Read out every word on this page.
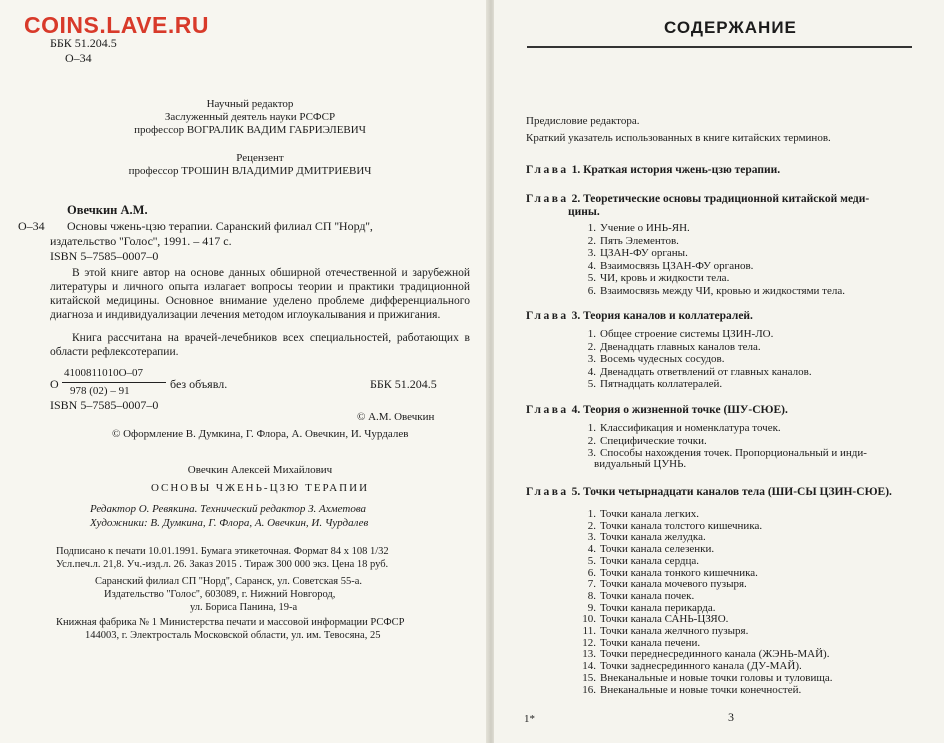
ББК 51.204.5
О–34
Научный редактор
Заслуженный деятель науки РСФСР
профессор ВОГРАЛИК ВАДИМ ГАБРИЭЛЕВИЧ
Рецензент
профессор ТРОШИН ВЛАДИМИР ДМИТРИЕВИЧ
Овечкин А.М.
О–34 Основы чжень-цзю терапии. Саранский филиал СП ''Норд'',
издательство ''Голос'', 1991. – 417 с.
ISBN 5–7585–0007–0
В этой книге автор на основе данных обширной отечественной и зарубежной литературы и личного опыта излагает вопросы теории и практики традиционной китайской медицины. Основное внимание уделено проблеме дифференциального диагноза и индивидуализации лечения методом иглоукалывания и прижигания.
Книга рассчитана на врачей-лечебников всех специальностей, работающих в области рефлексотерапии.
О
4100811010О–07
978 (02) – 91	без объявл.	ББК 51.204.5
ISBN 5–7585–0007–0
© А.М. Овечкин
© Оформление В. Думкина, Г. Флора, А. Овечкин, И. Чурдалев
Овечкин Алексей Михайлович
ОСНОВЫ ЧЖЕНЬ-ЦЗЮ ТЕРАПИИ
Редактор О. Ревякина. Технический редактор З. Ахметова
Художники: В. Думкина, Г. Флора, А. Овечкин, И. Чурдалев
Подписано к печати 10.01.1991. Бумага этикеточная. Формат 84 х 108 1/32
Усл.печ.л. 21,8. Уч.-изд.л. 26. Заказ 2015 . Тираж 300 000 экз. Цена 18 руб.
Саранский филиал СП ''Норд'', Саранск, ул. Советская 55-а.
Издательство ''Голос'', 603089, г. Нижний Новгород,
ул. Бориса Панина, 19-а
Книжная фабрика № 1 Министерства печати и массовой информации РСФСР
144003, г. Электросталь Московской области, ул. им. Тевосяна, 25
СОДЕРЖАНИЕ
Предисловие редактора.
Краткий указатель использованных в книге китайских терминов.
Глава 1. Краткая история чжень-цзю терапии.
Глава 2. Теоретические основы традиционной китайской меди-
цины.
1. Учение о ИНЬ-ЯН.
2. Пять Элементов.
3. ЦЗАН-ФУ органы.
4. Взаимосвязь ЦЗАН-ФУ органов.
5. ЧИ, кровь и жидкости тела.
6. Взаимосвязь между ЧИ, кровью и жидкостями тела.
Глава 3. Теория каналов и коллатералей.
1. Общее строение системы ЦЗИН-ЛО.
2. Двенадцать главных каналов тела.
3. Восемь чудесных сосудов.
4. Двенадцать ответвлений от главных каналов.
5. Пятнадцать коллатералей.
Глава 4. Теория о жизненной точке (ШУ-СЮЕ).
1. Классификация и номенклатура точек.
2. Специфические точки.
3. Способы нахождения точек. Пропорциональный и инди-
видуальный ЦУНЬ.
Глава 5. Точки четырнадцати каналов тела (ШИ-СЫ ЦЗИН-СЮЕ).
1. Точки канала легких.
2. Точки канала толстого кишечника.
3. Точки канала желудка.
4. Точки канала селезенки.
5. Точки канала сердца.
6. Точки канала тонкого кишечника.
7. Точки канала мочевого пузыря.
8. Точки канала почек.
9. Точки канала перикарда.
10. Точки канала САНЬ-ЦЗЯО.
11. Точки канала желчного пузыря.
12. Точки канала печени.
13. Точки переднесрединного канала (ЖЭНЬ-МАЙ).
14. Точки заднесрединного канала (ДУ-МАЙ).
15. Внеканальные и новые точки головы и туловища.
16. Внеканальные и новые точки конечностей.
1*	3
COINS.LAVE.RU
